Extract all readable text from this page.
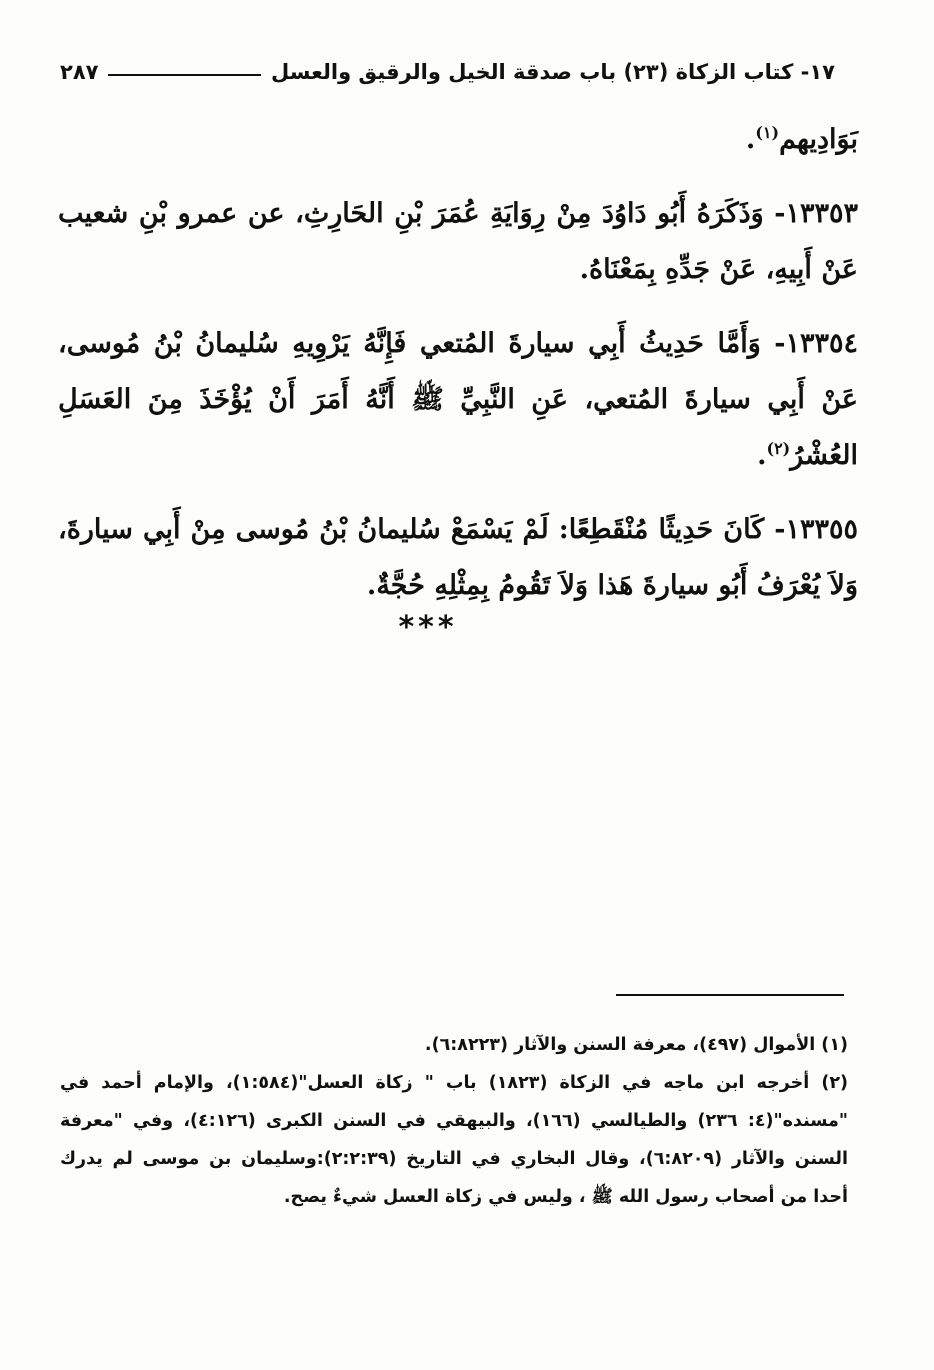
١٧- كتاب الزكاة (٢٣) باب صدقة الخيل والرقيق والعسل
٢٨٧

بَوَادِيهم$^{(١)}$.

١٣٣٥٣- وَذَكَرَهُ أَبُو دَاوُدَ مِنْ رِوَايَةِ عُمَرَ بْنِ الحَارِثِ، عن عمرو بْنِ شعيب عَنْ أَبِيهِ، عَنْ جَدِّهِ بِمَعْنَاهُ.

١٣٣٥٤- وَأَمَّا حَدِيثُ أَبِي سيارةَ المُتعي فَإِنَّهُ يَرْوِيهِ سُليمانُ بْنُ مُوسى، عَنْ أَبِي سيارةَ المُتعي، عَنِ النَّبِيِّ ﷺ أَنَّهُ أَمَرَ أَنْ يُؤْخَذَ مِنَ العَسَلِ العُشْرُ$^{(٢)}$.

١٣٣٥٥- كَانَ حَدِيثًا مُنْقَطِعًا: لَمْ يَسْمَعْ سُليمانُ بْنُ مُوسى مِنْ أَبِي سيارةَ، وَلاَ يُعْرَفُ أَبُو سيارةَ هَذا وَلاَ تَقُومُ بِمِثْلِهِ حُجَّةٌ.

***

(١) الأموال (٤٩٧)، معرفة السنن والآثار (٦:٨٢٢٣).

(٢) أخرجه ابن ماجه في الزكاة (١٨٢٣) باب " زكاة العسل"(١:٥٨٤)، والإمام أحمد في "مسنده"(٤: ٢٣٦) والطيالسي (١٦٦)، والبيهقي في السنن الكبرى (٤:١٢٦)، وفي "معرفة السنن والآثار (٦:٨٢٠٩)، وقال البخاري في التاريخ (٢:٢:٣٩):وسليمان بن موسى لم يدرك أحدا من أصحاب رسول الله ﷺ ، وليس في زكاة العسل شيءٌ يصح.
